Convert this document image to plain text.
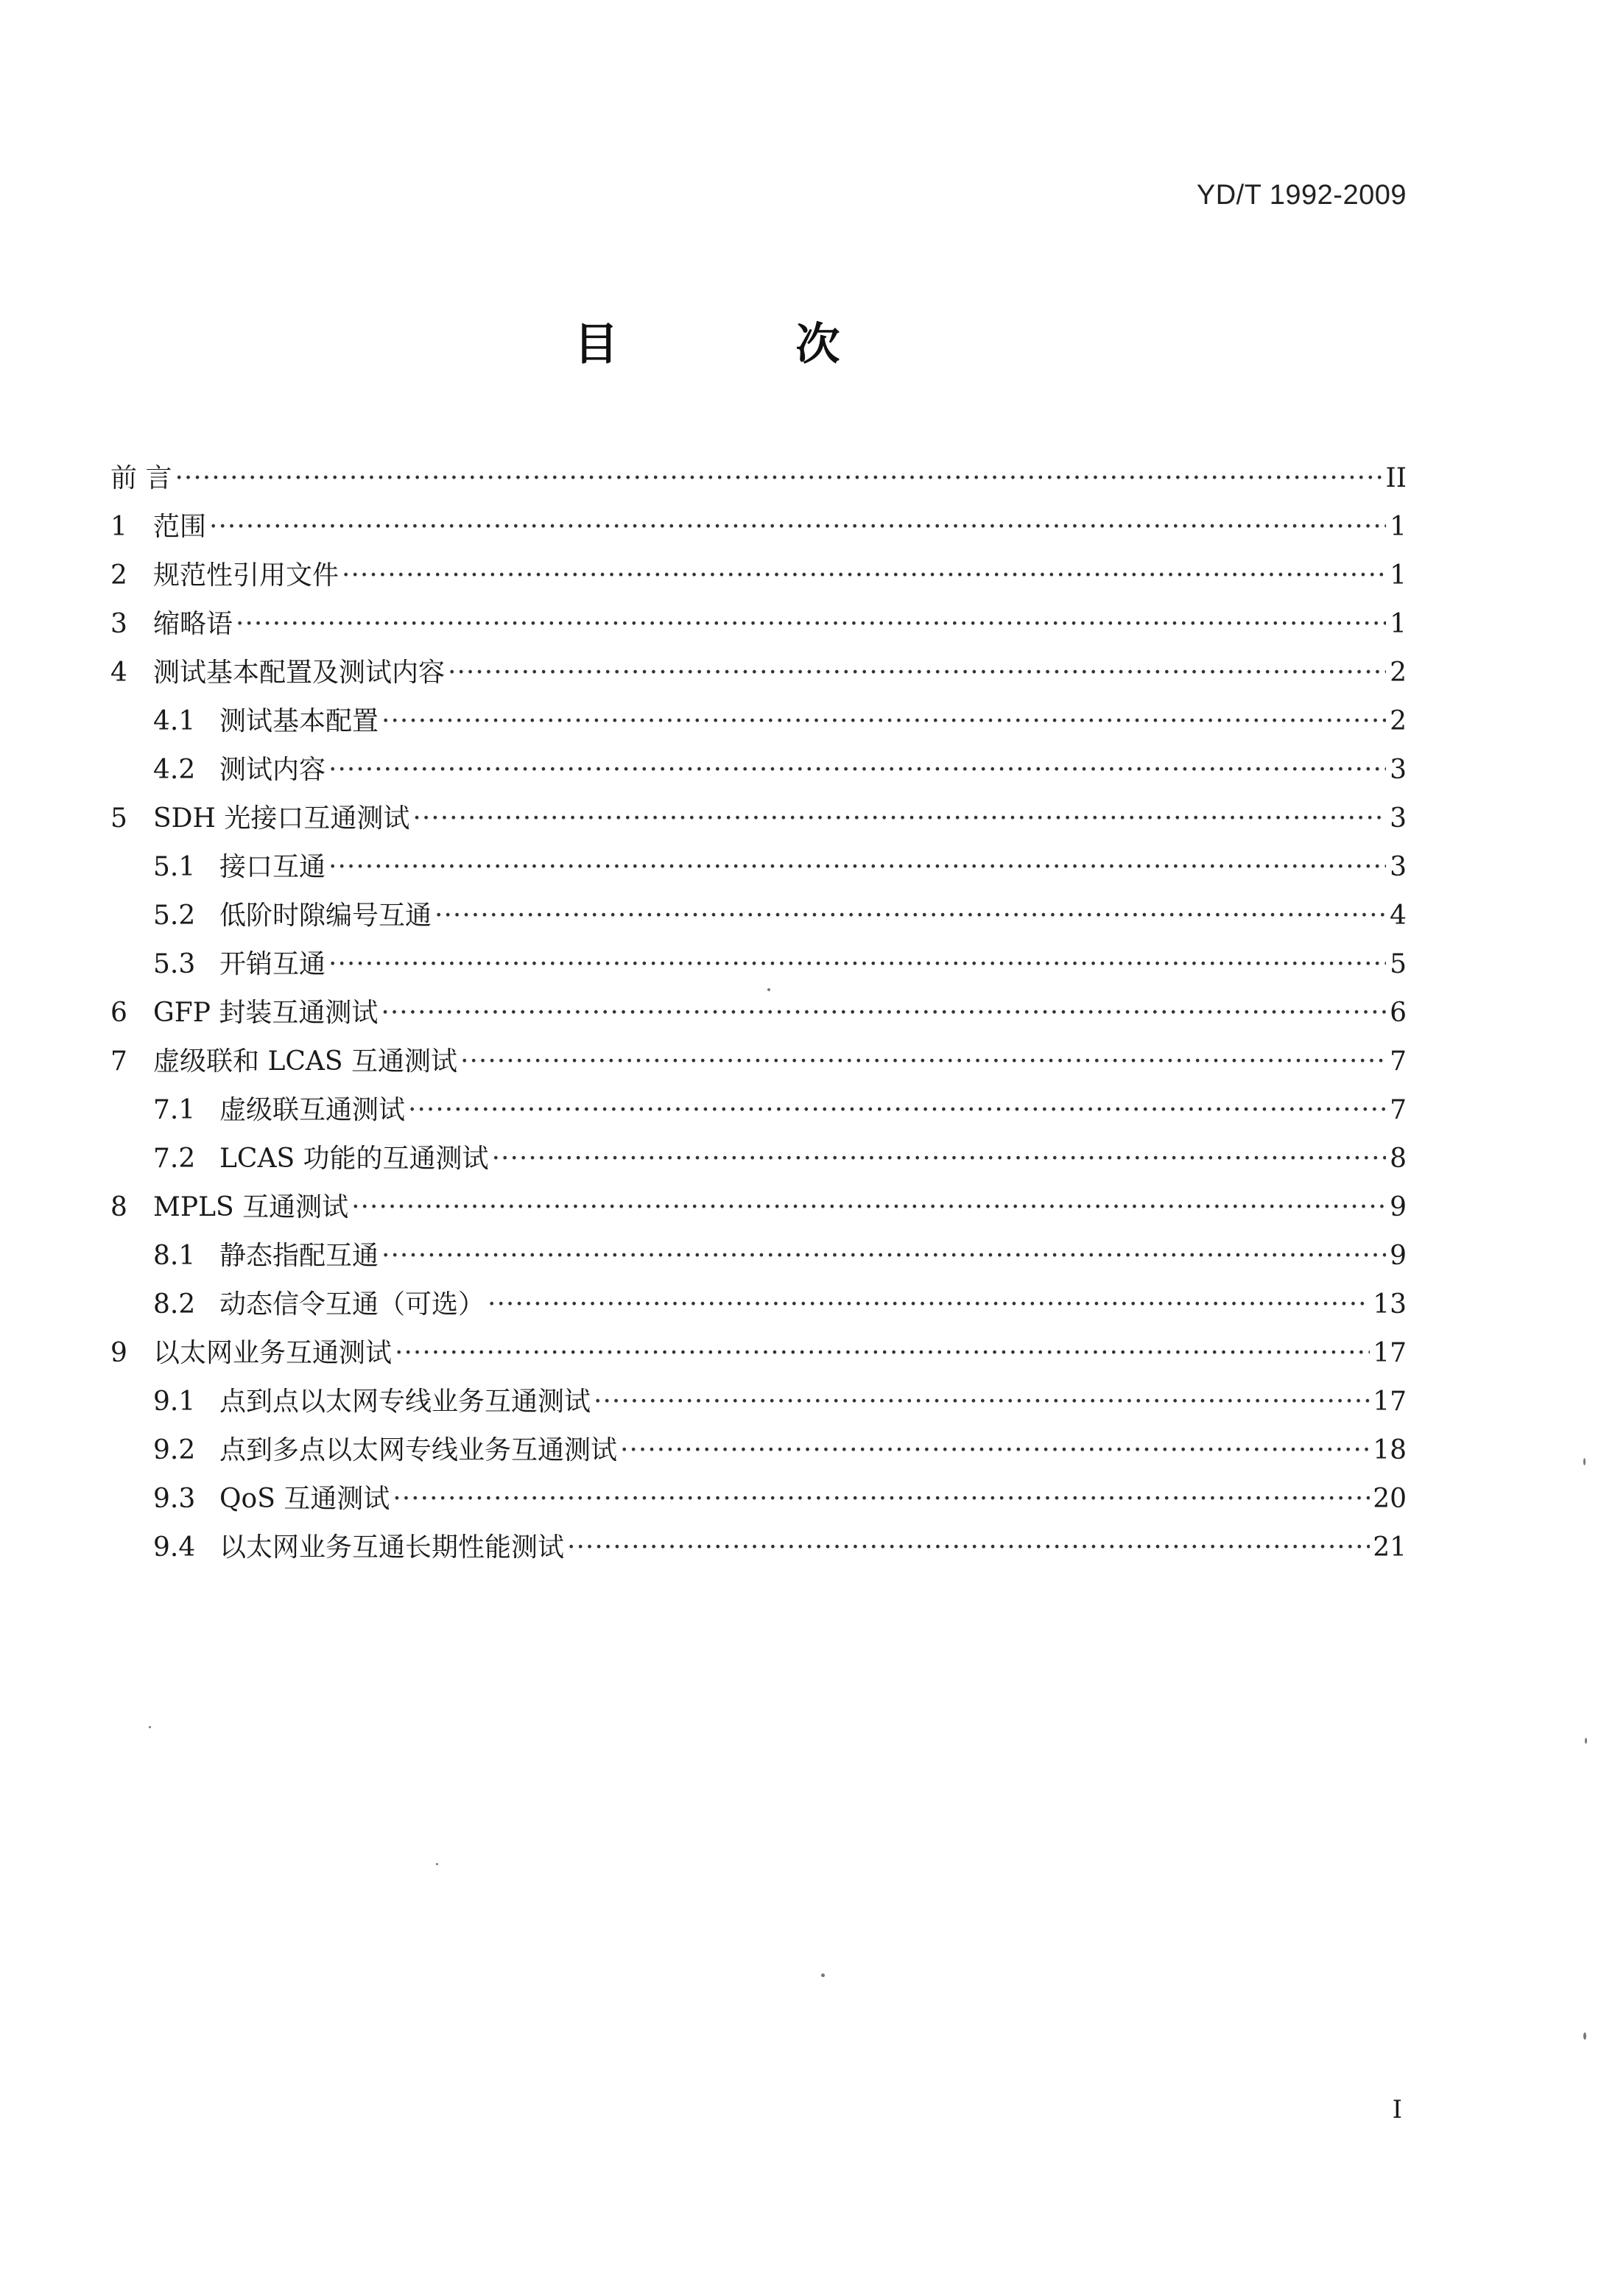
YD/T 1992-2009
目 次
前 言 ·····	II
1 范围 ·····	1
2 规范性引用文件 ·····	1
3 缩略语 ·····	1
4 测试基本配置及测试内容 ·····	2
4.1 测试基本配置 ·····	2
4.2 测试内容 ·····	3
5 SDH 光接口互通测试 ·····	3
5.1 接口互通 ·····	3
5.2 低阶时隙编号互通 ·····	4
5.3 开销互通 ·····	5
6 GFP 封装互通测试 ·····	6
7 虚级联和 LCAS 互通测试 ·····	7
7.1 虚级联互通测试 ·····	7
7.2 LCAS 功能的互通测试 ·····	8
8 MPLS 互通测试 ·····	9
8.1 静态指配互通 ·····	9
8.2 动态信令互通（可选） ·····	13
9 以太网业务互通测试 ·····	17
9.1 点到点以太网专线业务互通测试 ·····	17
9.2 点到多点以太网专线业务互通测试 ·····	18
9.3 QoS 互通测试 ·····	20
9.4 以太网业务互通长期性能测试 ·····	21
I
